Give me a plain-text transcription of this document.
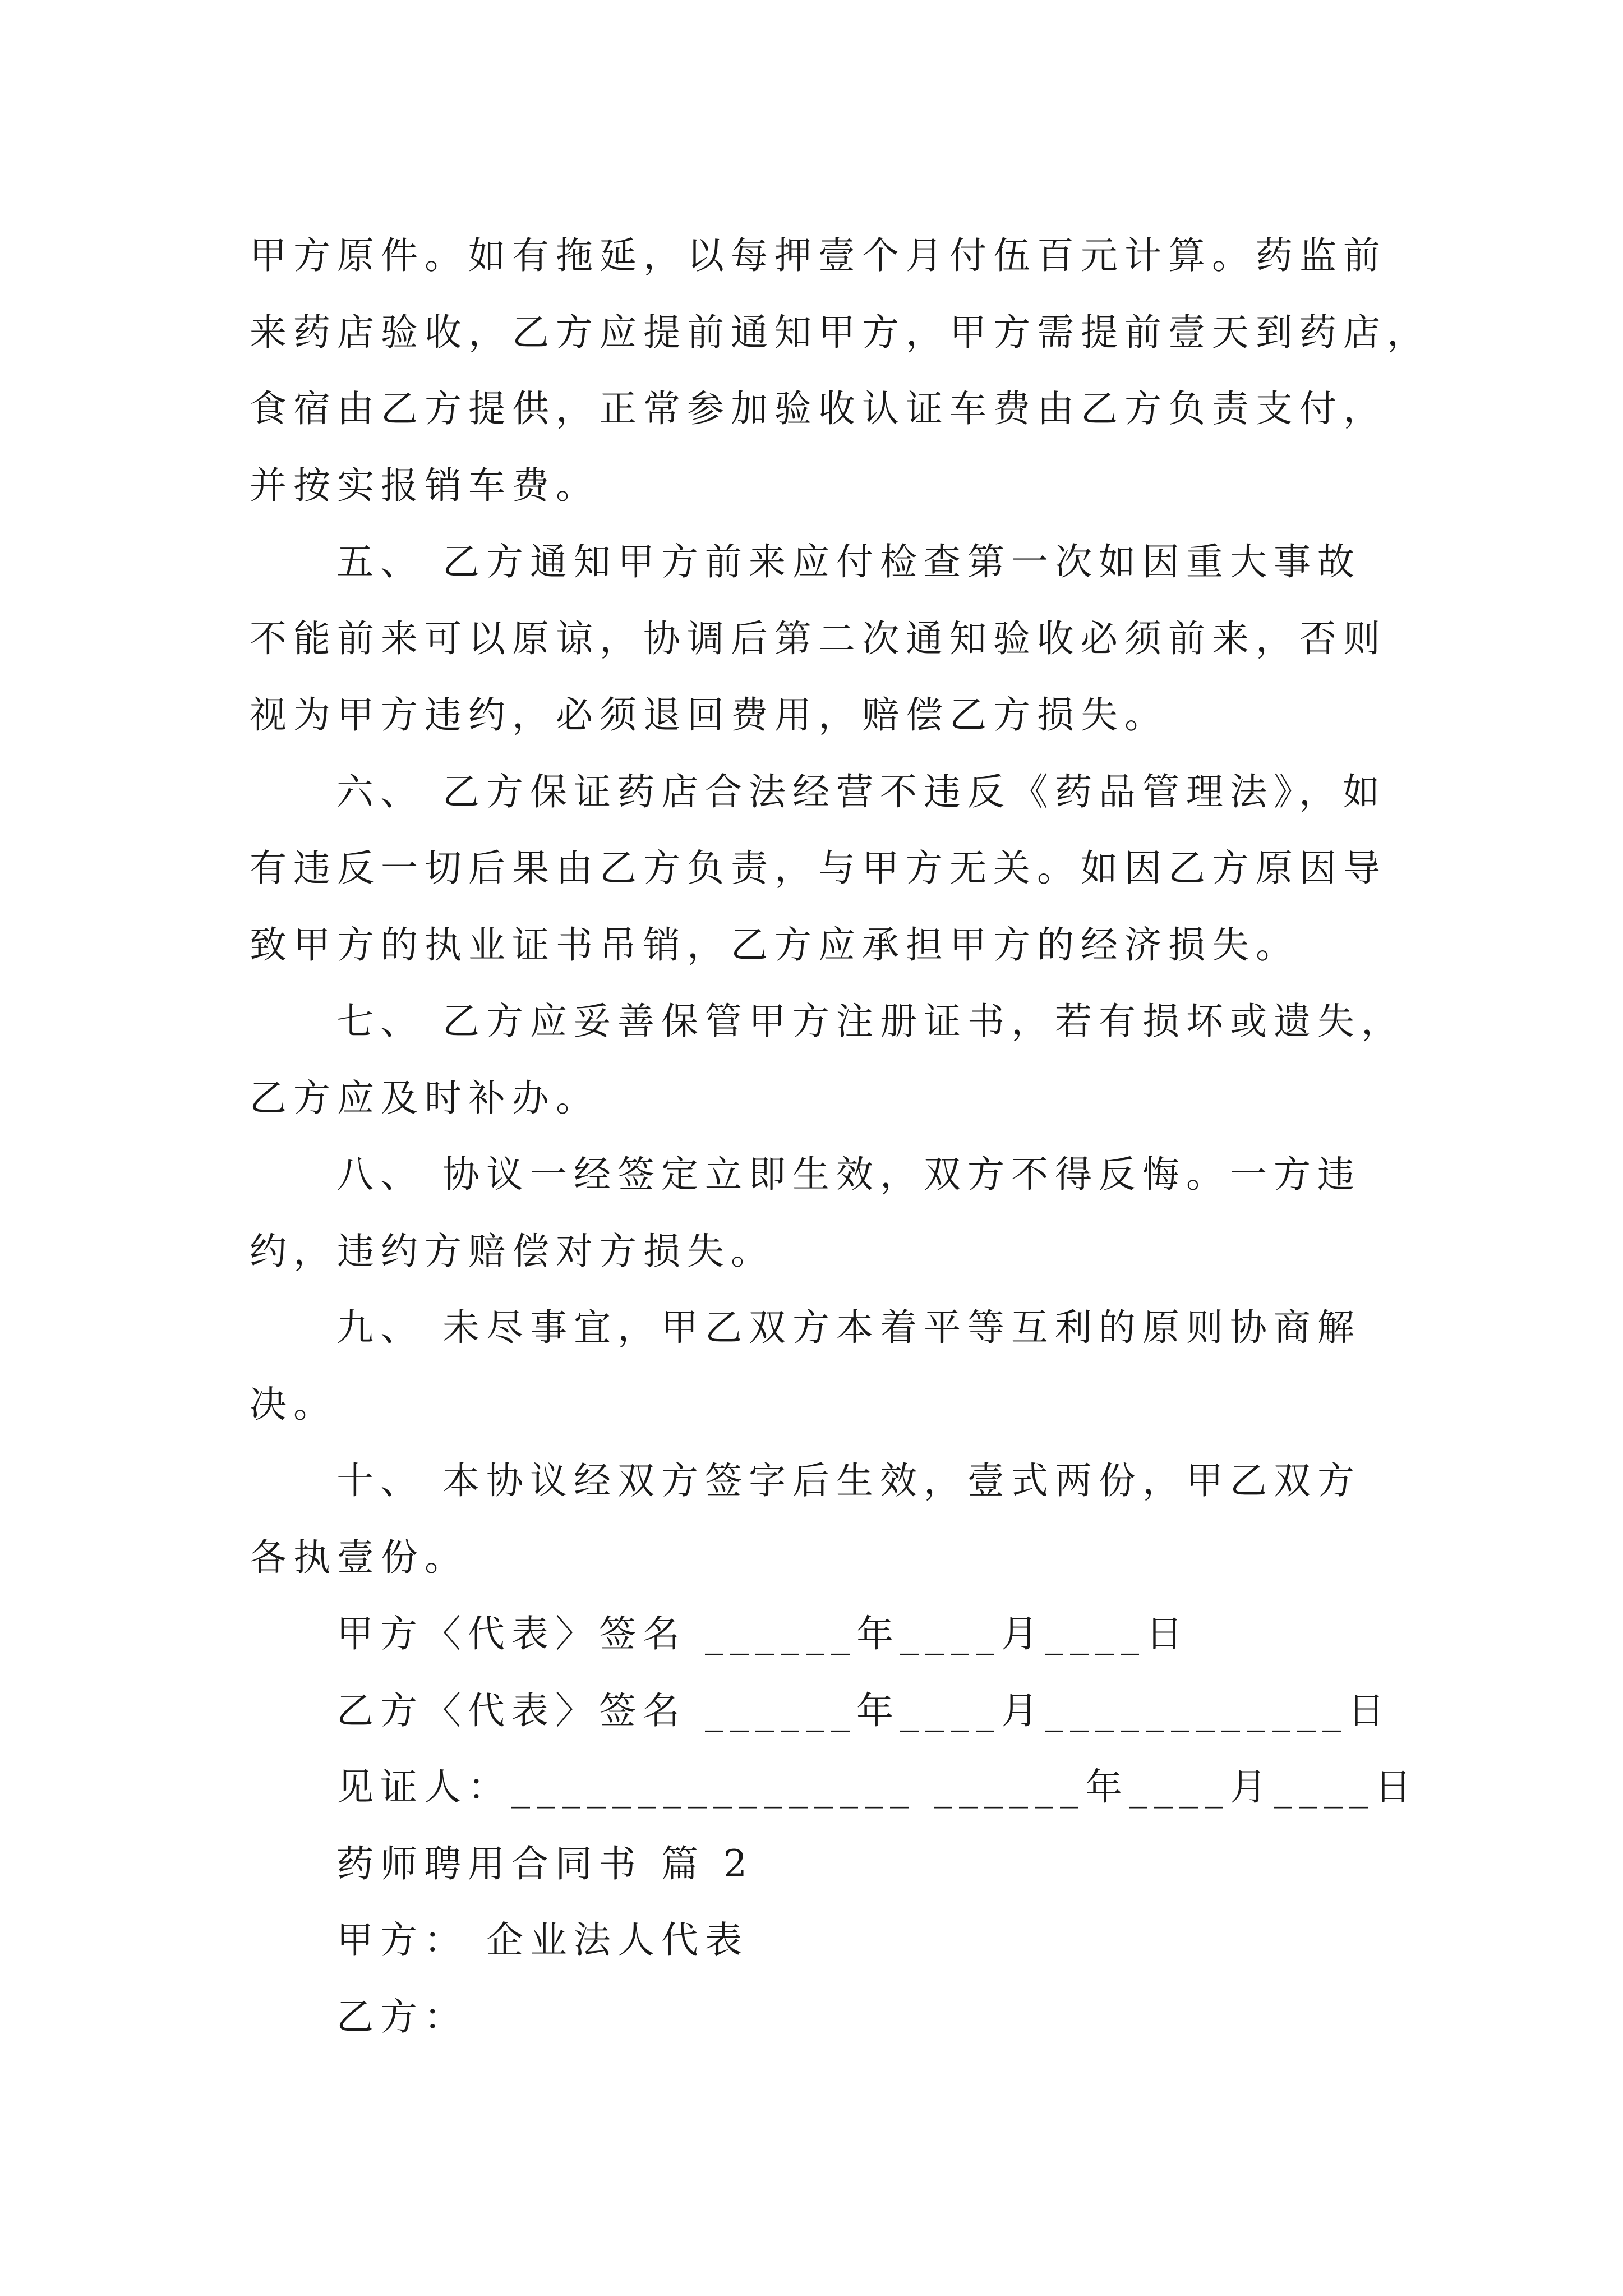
甲方原件。如有拖延，以每押壹个月付伍百元计算。药监前
来药店验收，乙方应提前通知甲方，甲方需提前壹天到药店，
食宿由乙方提供，正常参加验收认证车费由乙方负责支付，
并按实报销车费。
五、 乙方通知甲方前来应付检查第一次如因重大事故
不能前来可以原谅，协调后第二次通知验收必须前来，否则
视为甲方违约，必须退回费用，赔偿乙方损失。
六、 乙方保证药店合法经营不违反《药品管理法》，如
有违反一切后果由乙方负责，与甲方无关。如因乙方原因导
致甲方的执业证书吊销，乙方应承担甲方的经济损失。
七、 乙方应妥善保管甲方注册证书，若有损坏或遗失，
乙方应及时补办。
八、 协议一经签定立即生效，双方不得反悔。一方违
约，违约方赔偿对方损失。
九、 未尽事宜，甲乙双方本着平等互利的原则协商解
决。
十、 本协议经双方签字后生效，壹式两份，甲乙双方
各执壹份。
甲方〈代表〉签名 ______年____月____日
乙方〈代表〉签名 ______年____月____________日
见证人：________________ ______年____月____日
药师聘用合同书 篇 2
甲方： 企业法人代表
乙方：
